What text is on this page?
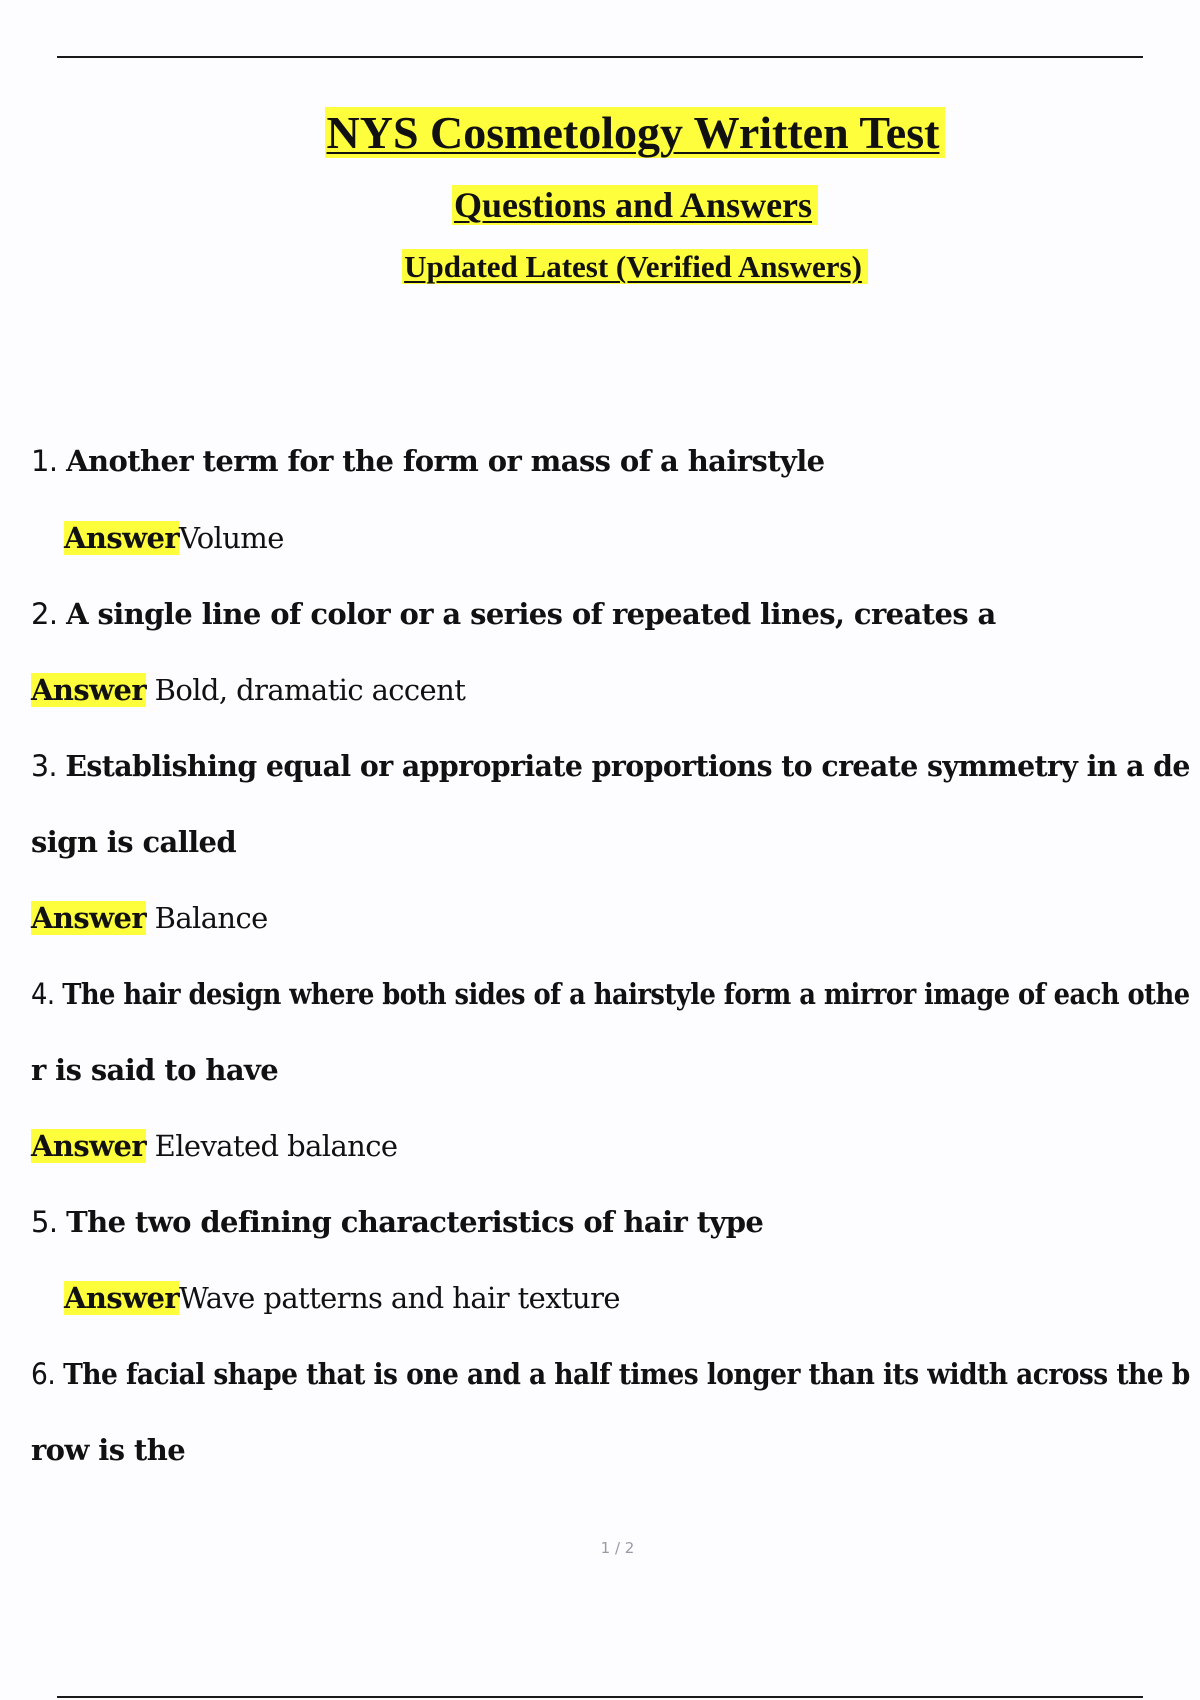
NYS Cosmetology Written Test
Questions and Answers
Updated Latest (Verified Answers)
1. Another term for the form or mass of a hairstyle
AnswerVolume
2. A single line of color or a series of repeated lines, creates a
Answer Bold, dramatic accent
3. Establishing equal or appropriate proportions to create symmetry in a de
sign is called
Answer Balance
4. The hair design where both sides of a hairstyle form a mirror image of each othe
r is said to have
Answer Elevated balance
5. The two defining characteristics of hair type
AnswerWave patterns and hair texture
6. The facial shape that is one and a half times longer than its width across the b
row is the
1 / 2
